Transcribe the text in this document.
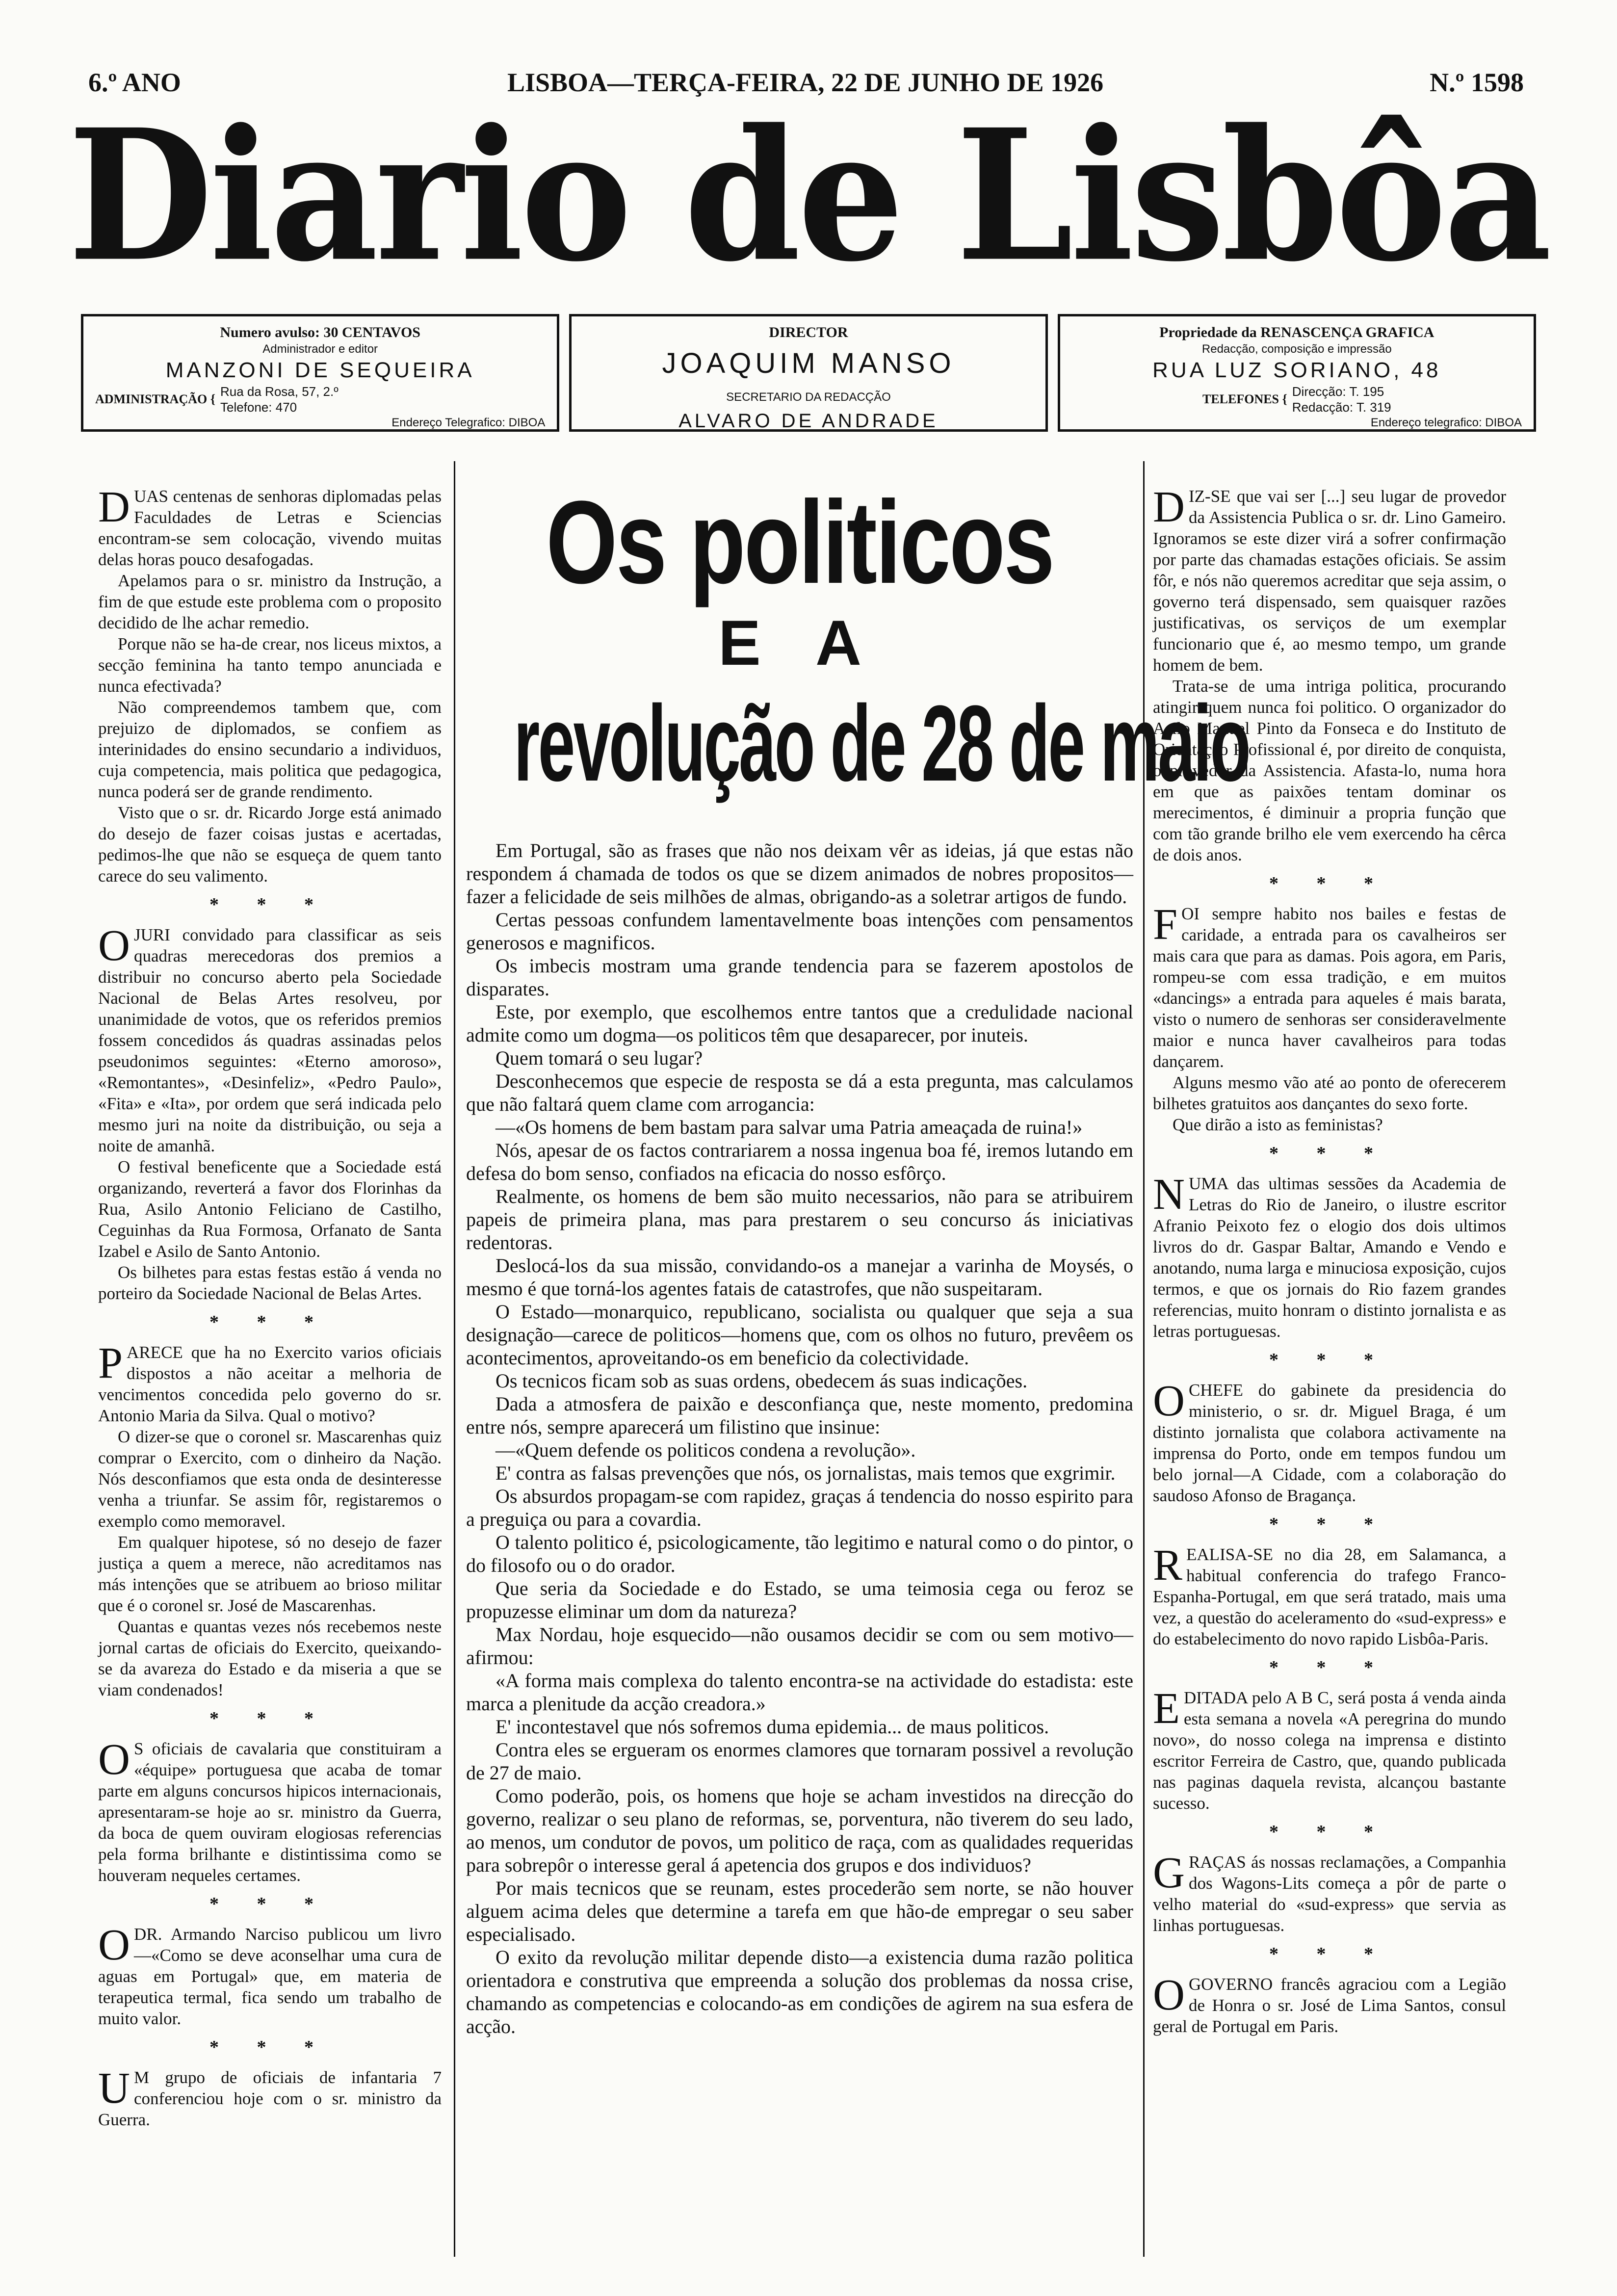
6.º ANO	LISBOA—TERÇA-FEIRA, 22 DE JUNHO DE 1926	N.º 1598
Diario de Lisbôa
Numero avulso: 30 CENTAVOS
Administrador e editor
MANZONI DE SEQUEIRA
ADMINISTRAÇÃO {
Rua da Rosa, 57, 2.º
Telefone: 470
Endereço Telegrafico: DIBOA
DIRECTOR
JOAQUIM MANSO
SECRETARIO DA REDACÇÃO
ALVARO DE ANDRADE
Propriedade da RENASCENÇA GRAFICA
Redacção, composição e impressão
RUA LUZ SORIANO, 48
TELEFONES {
Direcção: T. 195
Redacção: T. 319
Endereço telegrafico: DIBOA

DUAS centenas de senhoras diplomadas pelas Faculdades de Letras e Sciencias encontram-se sem colocação, vivendo muitas delas horas pouco desafogadas.

Apelamos para o sr. ministro da Instrução, a fim de que estude este problema com o proposito decidido de lhe achar remedio.

Porque não se ha-de crear, nos liceus mixtos, a secção feminina ha tanto tempo anunciada e nunca efectivada?

Não compreendemos tambem que, com prejuizo de diplomados, se confiem as interinidades do ensino secundario a individuos, cuja competencia, mais politica que pedagogica, nunca poderá ser de grande rendimento.

Visto que o sr. dr. Ricardo Jorge está animado do desejo de fazer coisas justas e acertadas, pedimos-lhe que não se esqueça de quem tanto carece do seu valimento.

* * *

OJURI convidado para classificar as seis quadras merecedoras dos premios a distribuir no concurso aberto pela Sociedade Nacional de Belas Artes resolveu, por unanimidade de votos, que os referidos premios fossem concedidos ás quadras assinadas pelos pseudonimos seguintes: «Eterno amoroso», «Remontantes», «Desinfeliz», «Pedro Paulo», «Fita» e «Ita», por ordem que será indicada pelo mesmo juri na noite da distribuição, ou seja a noite de amanhã.

O festival beneficente que a Sociedade está organizando, reverterá a favor dos Florinhas da Rua, Asilo Antonio Feliciano de Castilho, Ceguinhas da Rua Formosa, Orfanato de Santa Izabel e Asilo de Santo Antonio.

Os bilhetes para estas festas estão á venda no porteiro da Sociedade Nacional de Belas Artes.

* * *

PARECE que ha no Exercito varios oficiais dispostos a não aceitar a melhoria de vencimentos concedida pelo governo do sr. Antonio Maria da Silva. Qual o motivo?

O dizer-se que o coronel sr. Mascarenhas quiz comprar o Exercito, com o dinheiro da Nação. Nós desconfiamos que esta onda de desinteresse venha a triunfar. Se assim fôr, registaremos o exemplo como memoravel.

Em qualquer hipotese, só no desejo de fazer justiça a quem a merece, não acreditamos nas más intenções que se atribuem ao brioso militar que é o coronel sr. José de Mascarenhas.

Quantas e quantas vezes nós recebemos neste jornal cartas de oficiais do Exercito, queixando-se da avareza do Estado e da miseria a que se viam condenados!

* * *

O S oficiais de cavalaria que constituiram a «équipe» portuguesa que acaba de tomar parte em alguns concursos hipicos internacionais, apresentaram-se hoje ao sr. ministro da Guerra, da boca de quem ouviram elogiosas referencias pela forma brilhante e distintissima como se houveram nequeles certames.

* * *

ODR. Armando Narciso publicou um livro —«Como se deve aconselhar uma cura de aguas em Portugal» que, em materia de terapeutica termal, fica sendo um trabalho de muito valor.

* * *

U M grupo de oficiais de infantaria 7 conferenciou hoje com o sr. ministro da Guerra.

Os politicos
E A
revolução de 28 de maio

Em Portugal, são as frases que não nos deixam vêr as ideias, já que estas não respondem á chamada de todos os que se dizem animados de nobres propositos—fazer a felicidade de seis milhões de almas, obrigando-as a soletrar artigos de fundo.

Certas pessoas confundem lamentavelmente boas intenções com pensamentos generosos e magnificos.

Os imbecis mostram uma grande tendencia para se fazerem apostolos de disparates.

Este, por exemplo, que escolhemos entre tantos que a credulidade nacional admite como um dogma—os politicos têm que desaparecer, por inuteis.

Quem tomará o seu lugar?

Desconhecemos que especie de resposta se dá a esta pregunta, mas calculamos que não faltará quem clame com arrogancia:

—«Os homens de bem bastam para salvar uma Patria ameaçada de ruina!»

Nós, apesar de os factos contrariarem a nossa ingenua boa fé, iremos lutando em defesa do bom senso, confiados na eficacia do nosso esfôrço.

Realmente, os homens de bem são muito necessarios, não para se atribuirem papeis de primeira plana, mas para prestarem o seu concurso ás iniciativas redentoras.

Deslocá-los da sua missão, convidando-os a manejar a varinha de Moysés, o mesmo é que torná-los agentes fatais de catastrofes, que não suspeitaram.

O Estado—monarquico, republicano, socialista ou qualquer que seja a sua designação—carece de politicos—homens que, com os olhos no futuro, prevêem os acontecimentos, aproveitando-os em beneficio da colectividade.

Os tecnicos ficam sob as suas ordens, obedecem ás suas indicações.

Dada a atmosfera de paixão e desconfiança que, neste momento, predomina entre nós, sempre aparecerá um filistino que insinue:

—«Quem defende os politicos condena a revolução».

E' contra as falsas prevenções que nós, os jornalistas, mais temos que exgrimir.

Os absurdos propagam-se com rapidez, graças á tendencia do nosso espirito para a preguiça ou para a covardia.

O talento politico é, psicologicamente, tão legitimo e natural como o do pintor, o do filosofo ou o do orador.

Que seria da Sociedade e do Estado, se uma teimosia cega ou feroz se propuzesse eliminar um dom da natureza?

Max Nordau, hoje esquecido—não ousamos decidir se com ou sem motivo—afirmou:

«A forma mais complexa do talento encontra-se na actividade do estadista: este marca a plenitude da acção creadora.»

E' incontestavel que nós sofremos duma epidemia... de maus politicos.

Contra eles se ergueram os enormes clamores que tornaram possivel a revolução de 27 de maio.

Como poderão, pois, os homens que hoje se acham investidos na direcção do governo, realizar o seu plano de reformas, se, porventura, não tiverem do seu lado, ao menos, um condutor de povos, um politico de raça, com as qualidades requeridas para sobrepôr o interesse geral á apetencia dos grupos e dos individuos?

Por mais tecnicos que se reunam, estes procederão sem norte, se não houver alguem acima deles que determine a tarefa em que hão-de empregar o seu saber especialisado.

O exito da revolução militar depende disto—a existencia duma razão politica orientadora e construtiva que empreenda a solução dos problemas da nossa crise, chamando as competencias e colocando-as em condições de agirem na sua esfera de acção.

DIZ-SE que vai ser [...] seu lugar de provedor da Assistencia Publica o sr. dr. Lino Gameiro. Ignoramos se este dizer virá a sofrer confirmação por parte das chamadas estações oficiais. Se assim fôr, e nós não queremos acreditar que seja assim, o governo terá dispensado, sem quaisquer razões justificativas, os serviços de um exemplar funcionario que é, ao mesmo tempo, um grande homem de bem.

Trata-se de uma intriga politica, procurando atingir quem nunca foi politico. O organizador do Asilo Manuel Pinto da Fonseca e do Instituto de Orientação Profissional é, por direito de conquista, o provedor da Assistencia. Afasta-lo, numa hora em que as paixões tentam dominar os merecimentos, é diminuir a propria função que com tão grande brilho ele vem exercendo ha cêrca de dois anos.

* * *

FOI sempre habito nos bailes e festas de caridade, a entrada para os cavalheiros ser mais cara que para as damas. Pois agora, em Paris, rompeu-se com essa tradição, e em muitos «dancings» a entrada para aqueles é mais barata, visto o numero de senhoras ser consideravelmente maior e nunca haver cavalheiros para todas dançarem.

Alguns mesmo vão até ao ponto de oferecerem bilhetes gratuitos aos dançantes do sexo forte.

Que dirão a isto as feministas?

* * *

NUMA das ultimas sessões da Academia de Letras do Rio de Janeiro, o ilustre escritor Afranio Peixoto fez o elogio dos dois ultimos livros do dr. Gaspar Baltar, Amando e Vendo e anotando, numa larga e minuciosa exposição, cujos termos, e que os jornais do Rio fazem grandes referencias, muito honram o distinto jornalista e as letras portuguesas.

* * *

OCHEFE do gabinete da presidencia do ministerio, o sr. dr. Miguel Braga, é um distinto jornalista que colabora activamente na imprensa do Porto, onde em tempos fundou um belo jornal—A Cidade, com a colaboração do saudoso Afonso de Bragança.

* * *

REALISA-SE no dia 28, em Salamanca, a habitual conferencia do trafego Franco-Espanha-Portugal, em que será tratado, mais uma vez, a questão do aceleramento do «sud-express» e do estabelecimento do novo rapido Lisbôa-Paris.

* * *

EDITADA pelo A B C, será posta á venda ainda esta semana a novela «A peregrina do mundo novo», do nosso colega na imprensa e distinto escritor Ferreira de Castro, que, quando publicada nas paginas daquela revista, alcançou bastante sucesso.

* * *

GRAÇAS ás nossas reclamações, a Companhia dos Wagons-Lits começa a pôr de parte o velho material do «sud-express» que servia as linhas portuguesas.

* * *

OGOVERNO francês agraciou com a Legião de Honra o sr. José de Lima Santos, consul geral de Portugal em Paris.
